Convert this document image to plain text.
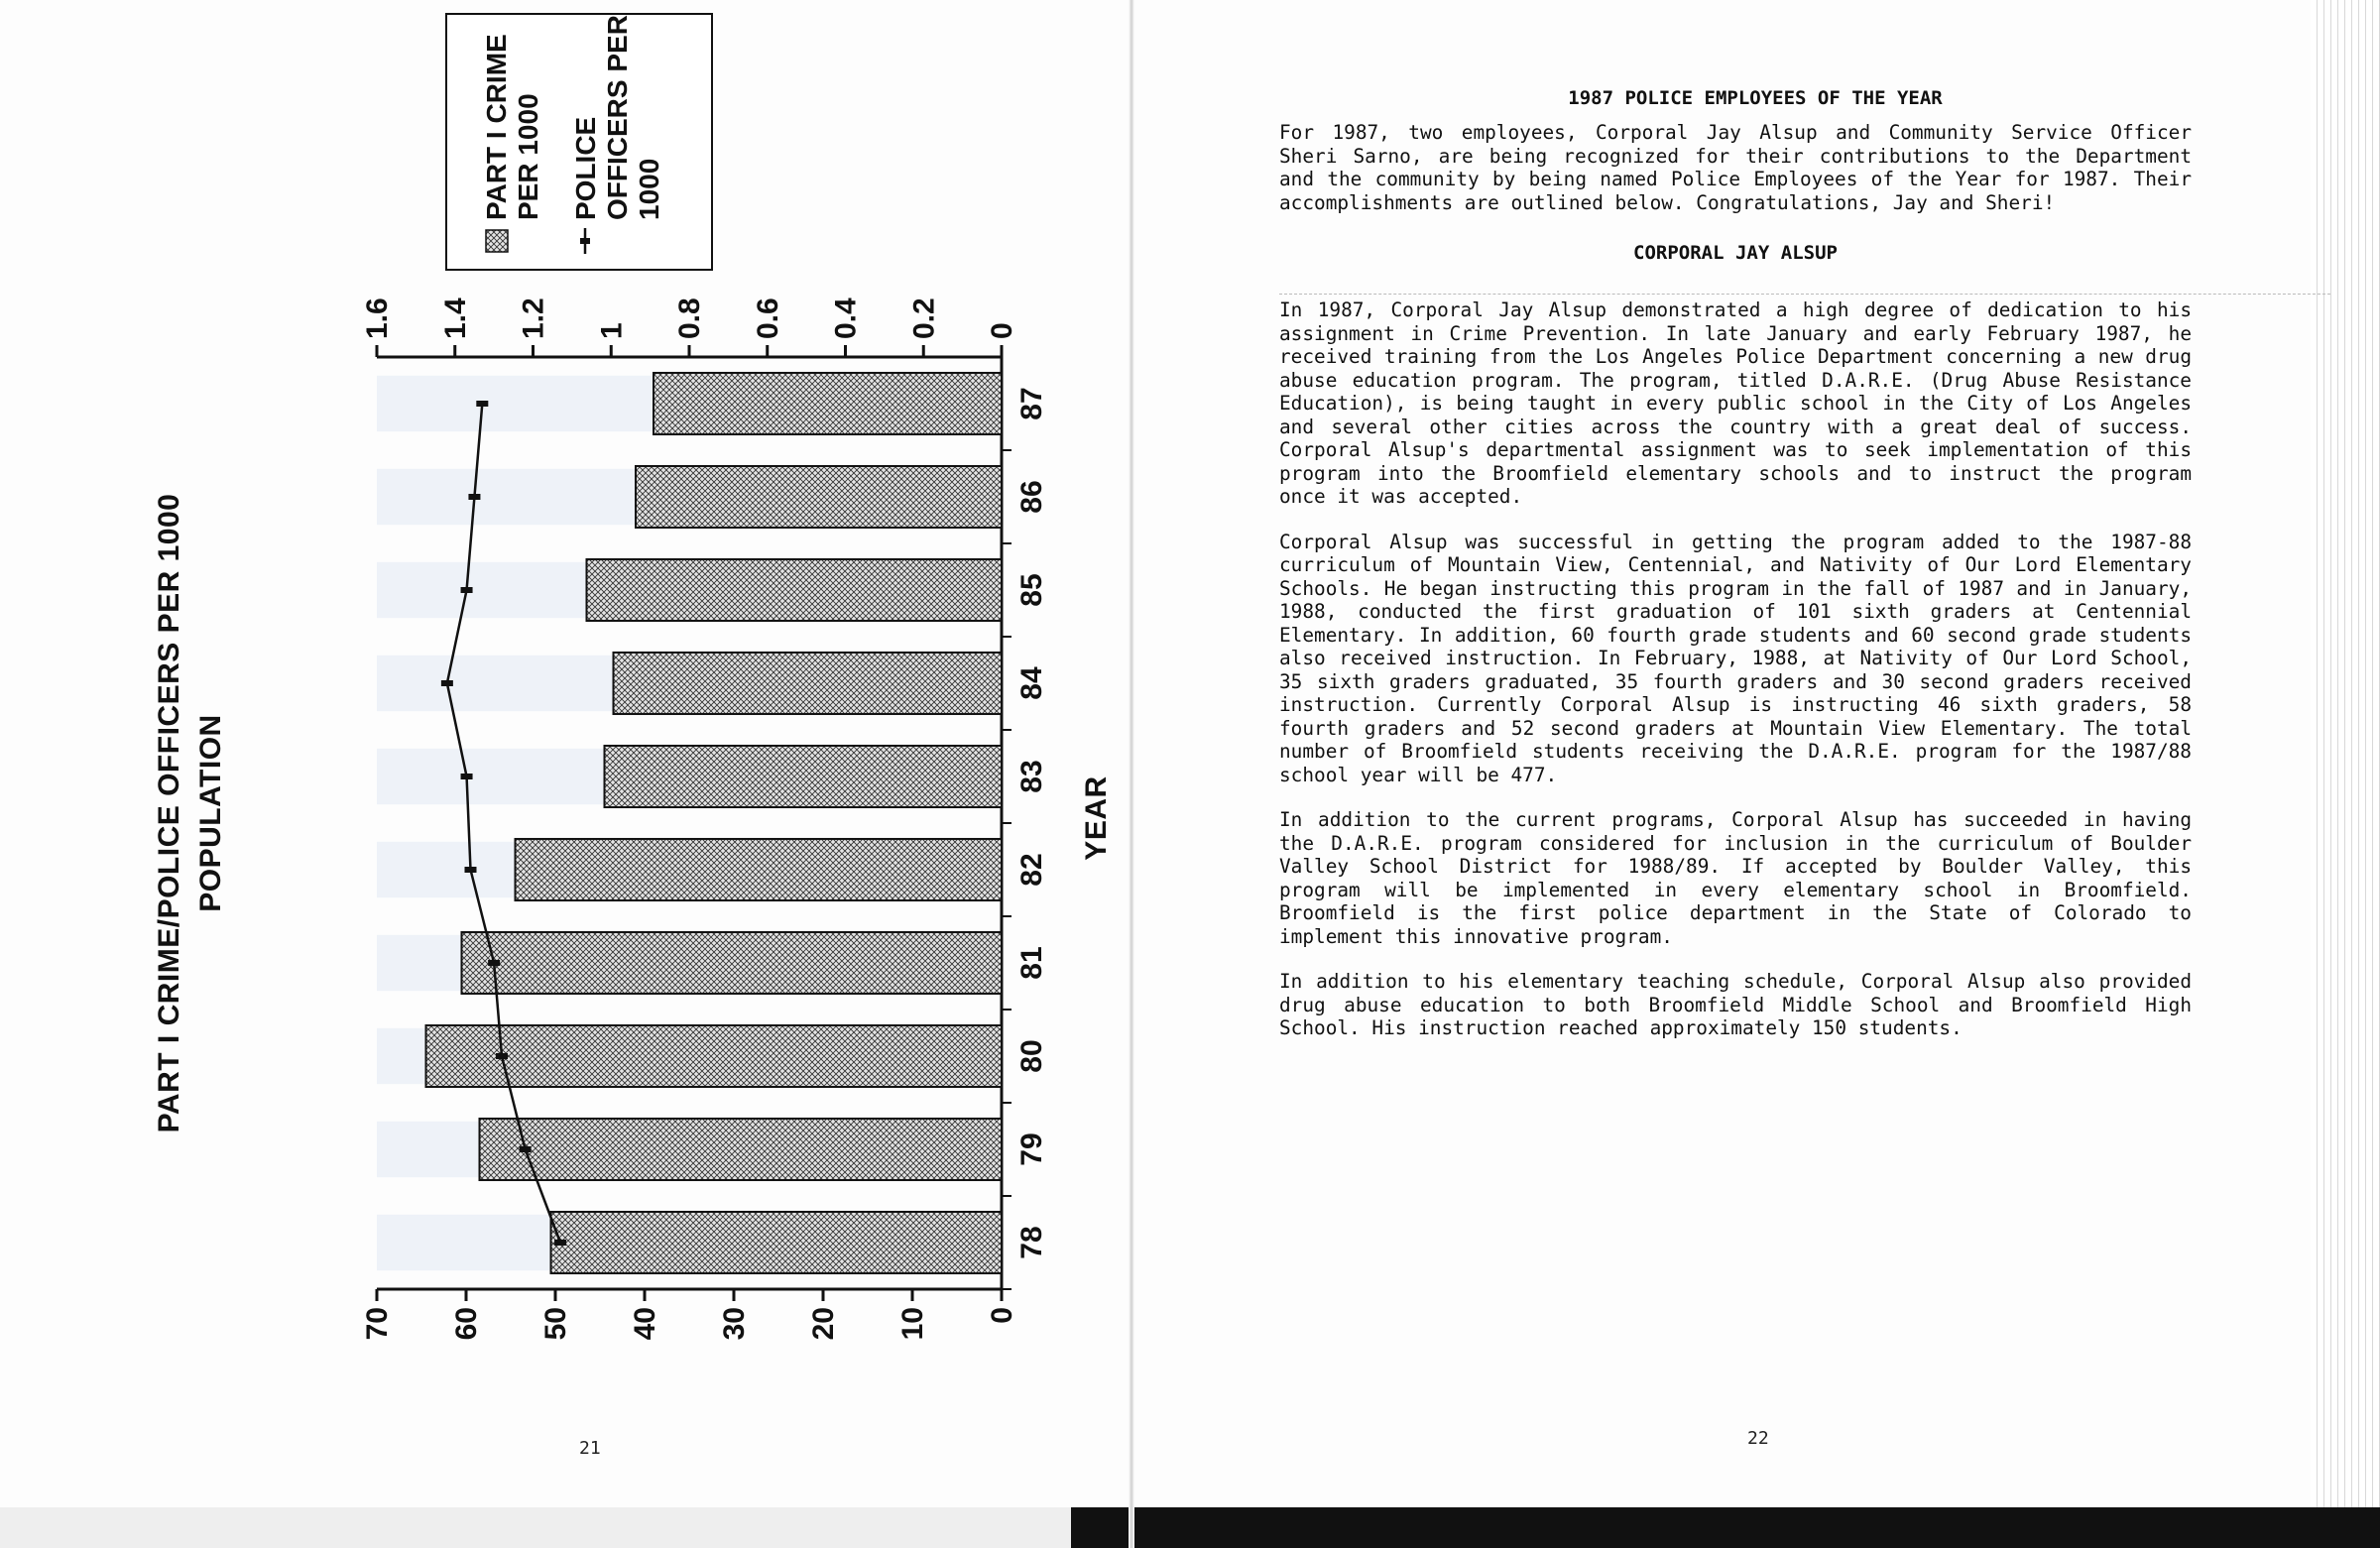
PART I CRIME/POLICE OFFICERS PER 1000 POPULATION
PART I CRIME PER 1000 POLICE OFFICERS PER 1000
0
10
20
30
40
50
60
70
0
0.2
0.4
0.6
0.8
1
1.2
1.4
1.6
78
79
80
81
82
83
84
85
86
87
YEAR
21
1987 POLICE EMPLOYEES OF THE YEAR

For 1987, two employees, Corporal Jay Alsup and Community Service Officer Sheri Sarno, are being recognized for their contributions to the Department and the community by being named Police Employees of the Year for 1987. Their accomplishments are outlined below. Congratulations, Jay and Sheri!

CORPORAL JAY ALSUP

In 1987, Corporal Jay Alsup demonstrated a high degree of dedication to his assignment in Crime Prevention. In late January and early February 1987, he received training from the Los Angeles Police Department concerning a new drug abuse education program. The program, titled D.A.R.E. (Drug Abuse Resistance Education), is being taught in every public school in the City of Los Angeles and several other cities across the country with a great deal of success. Corporal Alsup's departmental assignment was to seek implementation of this program into the Broomfield elementary schools and to instruct the program once it was accepted.

Corporal Alsup was successful in getting the program added to the 1987-88 curriculum of Mountain View, Centennial, and Nativity of Our Lord Elementary Schools. He began instructing this program in the fall of 1987 and in January, 1988, conducted the first graduation of 101 sixth graders at Centennial Elementary. In addition, 60 fourth grade students and 60 second grade students also received instruction. In February, 1988, at Nativity of Our Lord School, 35 sixth graders graduated, 35 fourth graders and 30 second graders received instruction. Currently Corporal Alsup is instructing 46 sixth graders, 58 fourth graders and 52 second graders at Mountain View Elementary. The total number of Broomfield students receiving the D.A.R.E. program for the 1987/88 school year will be 477.

In addition to the current programs, Corporal Alsup has succeeded in having the D.A.R.E. program considered for inclusion in the curriculum of Boulder Valley School District for 1988/89. If accepted by Boulder Valley, this program will be implemented in every elementary school in Broomfield. Broomfield is the first police department in the State of Colorado to implement this innovative program.

In addition to his elementary teaching schedule, Corporal Alsup also provided drug abuse education to both Broomfield Middle School and Broomfield High School. His instruction reached approximately 150 students.

22
